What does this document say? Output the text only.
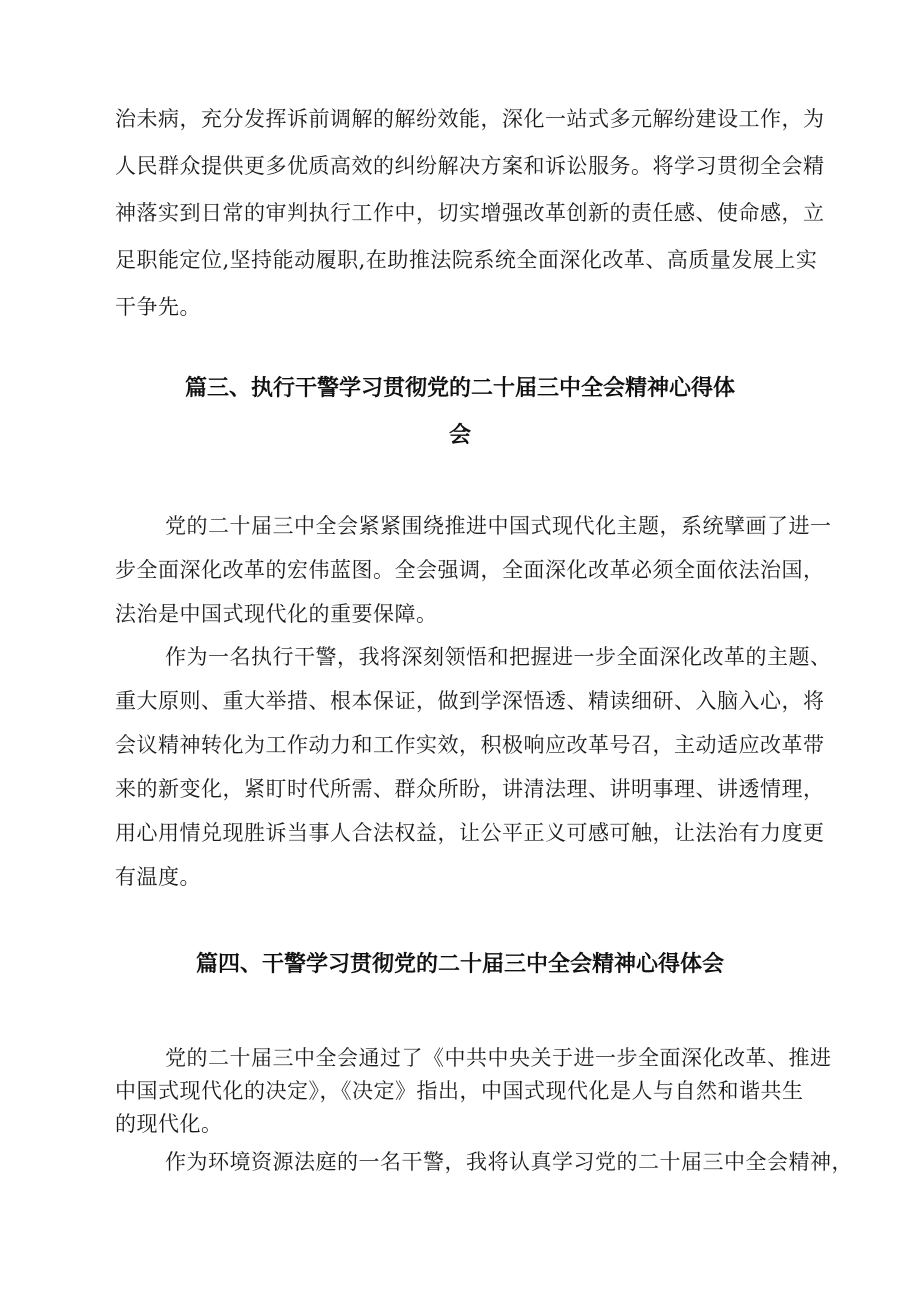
治未病，充分发挥诉前调解的解纷效能，深化一站式多元解纷建设工作，为
人民群众提供更多优质高效的纠纷解决方案和诉讼服务。将学习贯彻全会精
神落实到日常的审判执行工作中，切实增强改革创新的责任感、使命感，立
足职能定位,坚持能动履职,在助推法院系统全面深化改革、高质量发展上实
干争先。
篇三、执行干警学习贯彻党的二十届三中全会精神心得体
会
党的二十届三中全会紧紧围绕推进中国式现代化主题，系统擘画了进一
步全面深化改革的宏伟蓝图。全会强调，全面深化改革必须全面依法治国，
法治是中国式现代化的重要保障。
作为一名执行干警，我将深刻领悟和把握进一步全面深化改革的主题、
重大原则、重大举措、根本保证，做到学深悟透、精读细研、入脑入心，将
会议精神转化为工作动力和工作实效，积极响应改革号召，主动适应改革带
来的新变化，紧盯时代所需、群众所盼，讲清法理、讲明事理、讲透情理，
用心用情兑现胜诉当事人合法权益，让公平正义可感可触，让法治有力度更
有温度。
篇四、干警学习贯彻党的二十届三中全会精神心得体会
党的二十届三中全会通过了《中共中央关于进一步全面深化改革、推进
中国式现代化的决定》，《决定》指出，中国式现代化是人与自然和谐共生
的现代化。
作为环境资源法庭的一名干警，我将认真学习党的二十届三中全会精神，
